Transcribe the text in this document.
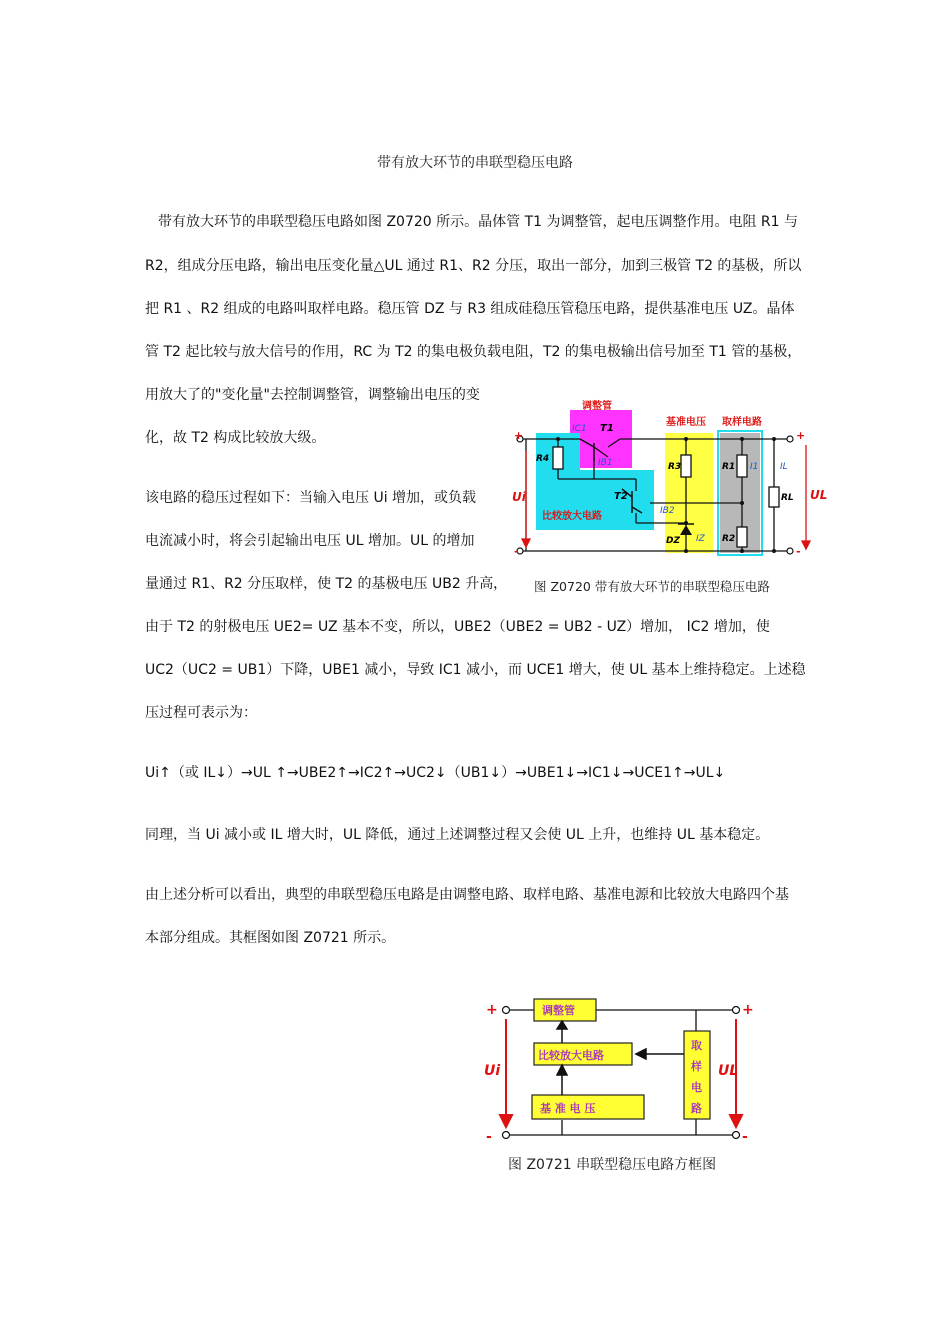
带有放大环节的串联型稳压电路
带有放大环节的串联型稳压电路如图 Z0720 所示。晶体管 T1 为调整管，起电压调整作用。电阻 R1 与
R2，组成分压电路，输出电压变化量△UL 通过 R1、R2 分压，取出一部分，加到三极管 T2 的基极，所以
把 R1 、R2 组成的电路叫取样电路。稳压管 DZ 与 R3 组成硅稳压管稳压电路，提供基准电压 UZ。晶体
管 T2 起比较与放大信号的作用，RC 为 T2 的集电极负载电阻，T2 的集电极输出信号加至 T1 管的基极，
用放大了的"变化量"去控制调整管，调整输出电压的变
化，故 T2 构成比较放大级。
该电路的稳压过程如下：当输入电压 Ui 增加，或负载
电流减小时，将会引起输出电压 UL 增加。UL 的增加
量通过 R1、R2 分压取样，使 T2 的基极电压 UB2 升高，
由于 T2 的射极电压 UE2= UZ 基本不变，所以，UBE2（UBE2 = UB2 - UZ）增加， IC2 增加，使
UC2（UC2 = UB1）下降，UBE1 减小，导致 IC1 减小，而 UCE1 增大，使 UL 基本上维持稳定。上述稳
压过程可表示为：
Ui↑（或 IL↓）→UL ↑→UBE2↑→IC2↑→UC2↓（UB1↓）→UBE1↓→IC1↓→UCE1↑→UL↓
同理，当 Ui 减小或 IL 增大时，UL 降低，通过上述调整过程又会使 UL 上升，也维持 UL 基本稳定。
由上述分析可以看出，典型的串联型稳压电路是由调整电路、取样电路、基准电源和比较放大电路四个基
本部分组成。其框图如图 Z0721 所示。
调整管
基准电压 取样电路
比较放大电路
+
-
+
-
Ui	UL
R4
R3	R1
R2
RL
DZ
T1
T2
IC1
IB1
IB2
IZ
I1 IL
图 Z0720 带有放大环节的串联型稳压电路
调整管
比较放大电路
基 准 电 压
取
样
电
路
+
-
+
-
Ui	UL
图 Z0721 串联型稳压电路方框图
